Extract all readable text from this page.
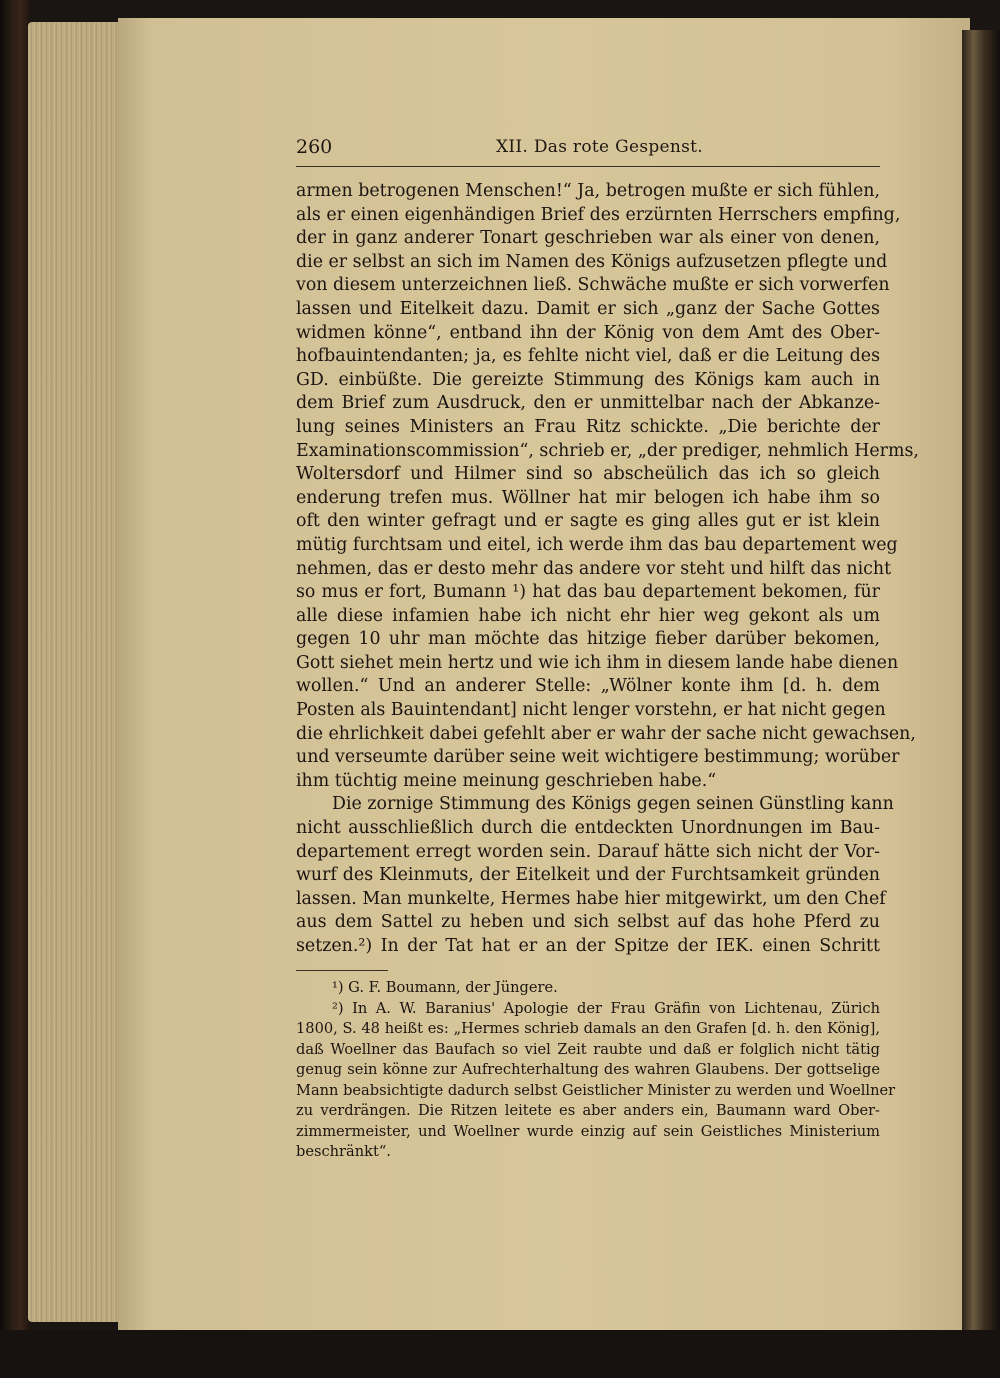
260	XII. Das rote Gespenst.
armen betrogenen Menschen!“ Ja, betrogen mußte er sich fühlen,
als er einen eigenhändigen Brief des erzürnten Herrschers empfing,
der in ganz anderer Tonart geschrieben war als einer von denen,
die er selbst an sich im Namen des Königs aufzusetzen pflegte und
von diesem unterzeichnen ließ. Schwäche mußte er sich vorwerfen
lassen und Eitelkeit dazu. Damit er sich „ganz der Sache Gottes
widmen könne“, entband ihn der König von dem Amt des Ober-
hofbauintendanten; ja, es fehlte nicht viel, daß er die Leitung des
GD. einbüßte. Die gereizte Stimmung des Königs kam auch in
dem Brief zum Ausdruck, den er unmittelbar nach der Abkanze-
lung seines Ministers an Frau Ritz schickte. „Die berichte der
Examinationscommission“, schrieb er, „der prediger, nehmlich Herms,
Woltersdorf und Hilmer sind so abscheülich das ich so gleich
enderung trefen mus. Wöllner hat mir belogen ich habe ihm so
oft den winter gefragt und er sagte es ging alles gut er ist klein
mütig furchtsam und eitel, ich werde ihm das bau departement weg
nehmen, das er desto mehr das andere vor steht und hilft das nicht
so mus er fort, Bumann ¹) hat das bau departement bekomen, für
alle diese infamien habe ich nicht ehr hier weg gekont als um
gegen 10 uhr man möchte das hitzige fieber darüber bekomen,
Gott siehet mein hertz und wie ich ihm in diesem lande habe dienen
wollen.“ Und an anderer Stelle: „Wölner konte ihm [d. h. dem
Posten als Bauintendant] nicht lenger vorstehn, er hat nicht gegen
die ehrlichkeit dabei gefehlt aber er wahr der sache nicht gewachsen,
und verseumte darüber seine weit wichtigere bestimmung; worüber
ihm tüchtig meine meinung geschrieben habe.“
Die zornige Stimmung des Königs gegen seinen Günstling kann
nicht ausschließlich durch die entdeckten Unordnungen im Bau-
departement erregt worden sein. Darauf hätte sich nicht der Vor-
wurf des Kleinmuts, der Eitelkeit und der Furchtsamkeit gründen
lassen. Man munkelte, Hermes habe hier mitgewirkt, um den Chef
aus dem Sattel zu heben und sich selbst auf das hohe Pferd zu
setzen.²) In der Tat hat er an der Spitze der IEK. einen Schritt
¹) G. F. Boumann, der Jüngere.
²) In A. W. Baranius' Apologie der Frau Gräfin von Lichtenau, Zürich
1800, S. 48 heißt es: „Hermes schrieb damals an den Grafen [d. h. den König],
daß Woellner das Baufach so viel Zeit raubte und daß er folglich nicht tätig
genug sein könne zur Aufrechterhaltung des wahren Glaubens. Der gottselige
Mann beabsichtigte dadurch selbst Geistlicher Minister zu werden und Woellner
zu verdrängen. Die Ritzen leitete es aber anders ein, Baumann ward Ober-
zimmermeister, und Woellner wurde einzig auf sein Geistliches Ministerium
beschränkt“.
